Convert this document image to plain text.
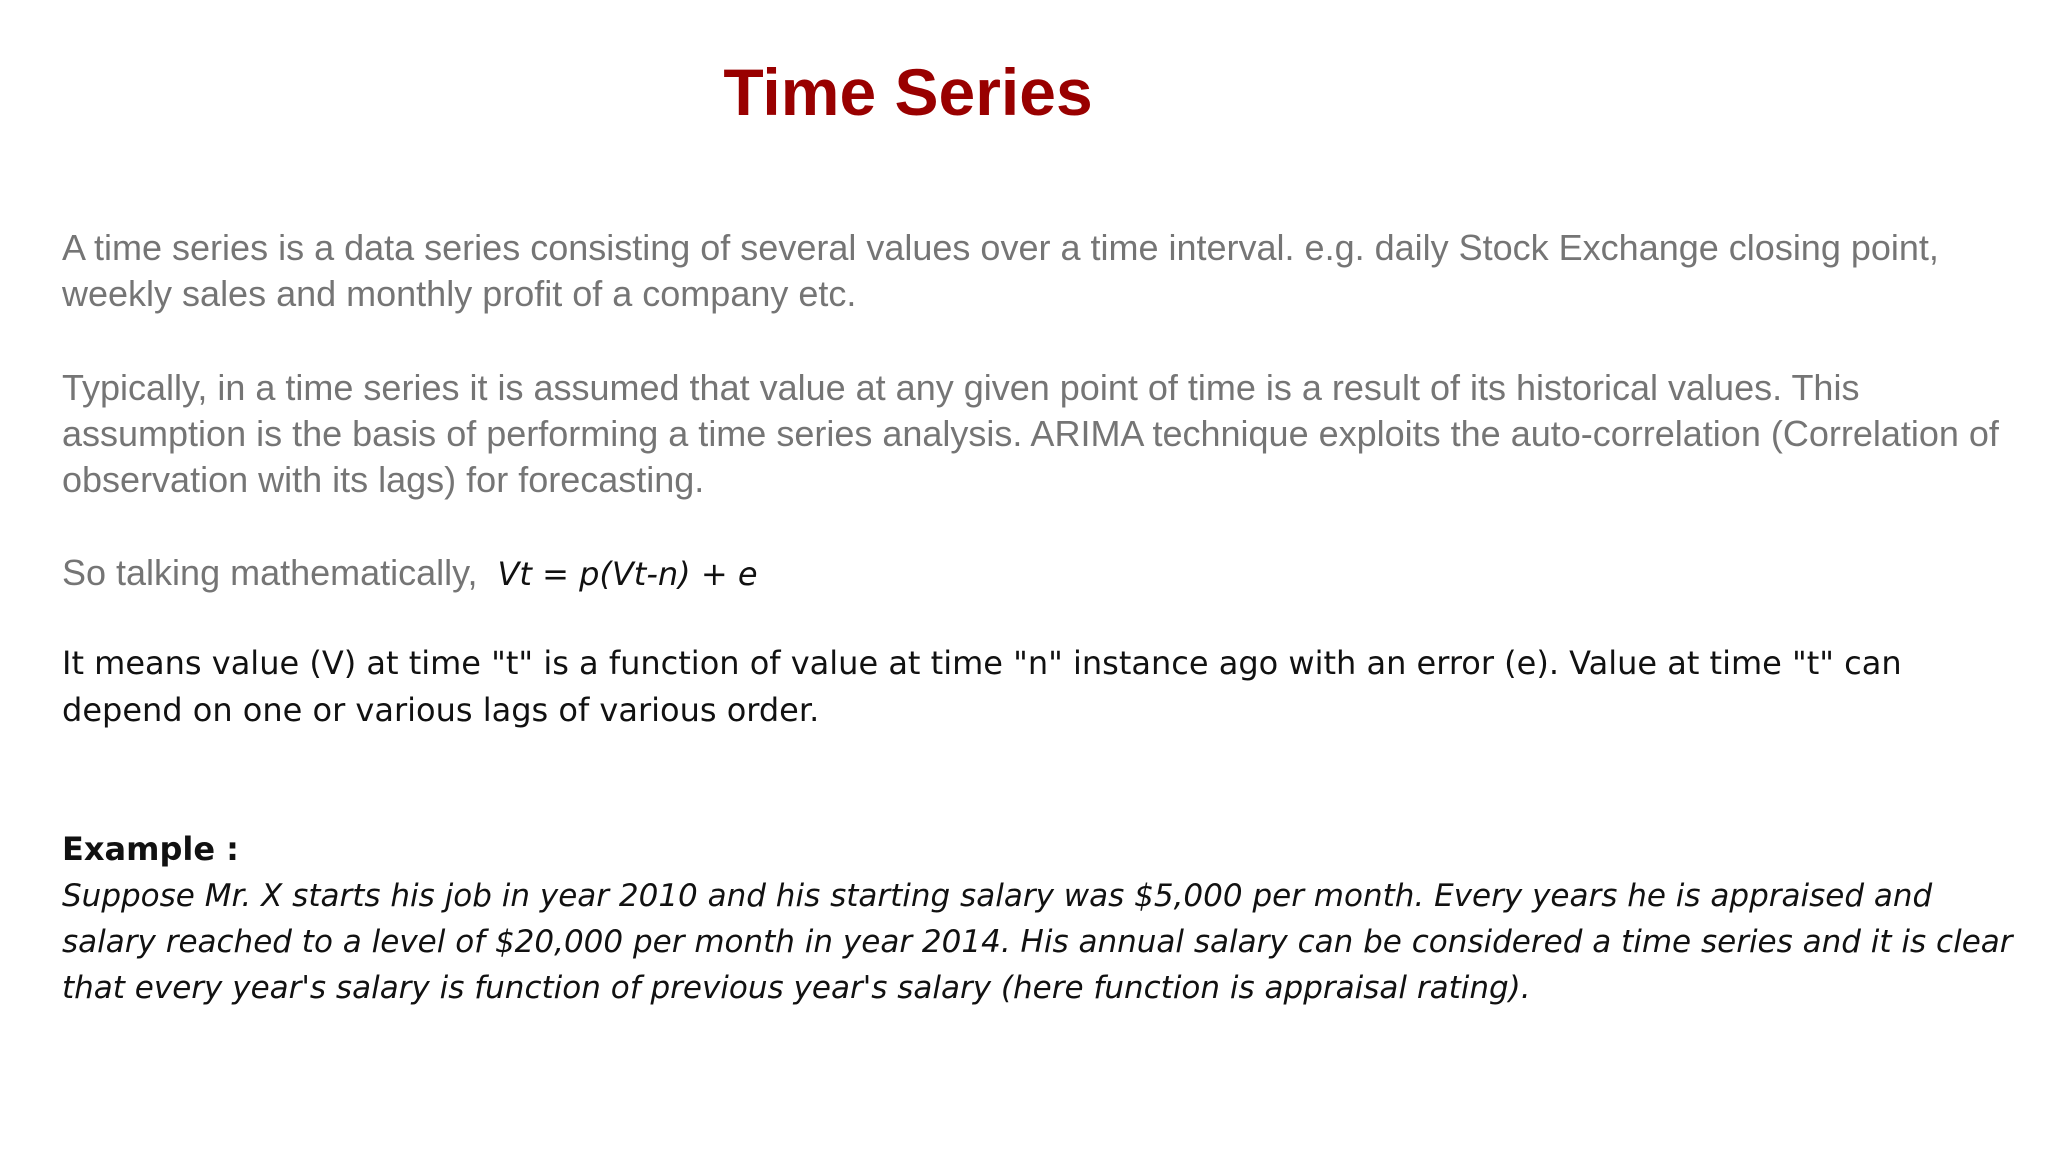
Time Series

A time series is a data series consisting of several values over a time interval. e.g. daily Stock Exchange closing point, weekly sales and monthly profit of a company etc.

Typically, in a time series it is assumed that value at any given point of time is a result of its historical values. This assumption is the basis of performing a time series analysis. ARIMA technique exploits the auto-correlation (Correlation of observation with its lags) for forecasting.

So talking mathematically, Vt = p(Vt-n) + e

It means value (V) at time "t" is a function of value at time "n" instance ago with an error (e). Value at time "t" can depend on one or various lags of various order.

Example :

Suppose Mr. X starts his job in year 2010 and his starting salary was $5,000 per month. Every years he is appraised and salary reached to a level of $20,000 per month in year 2014. His annual salary can be considered a time series and it is clear that every year's salary is function of previous year's salary (here function is appraisal rating).
